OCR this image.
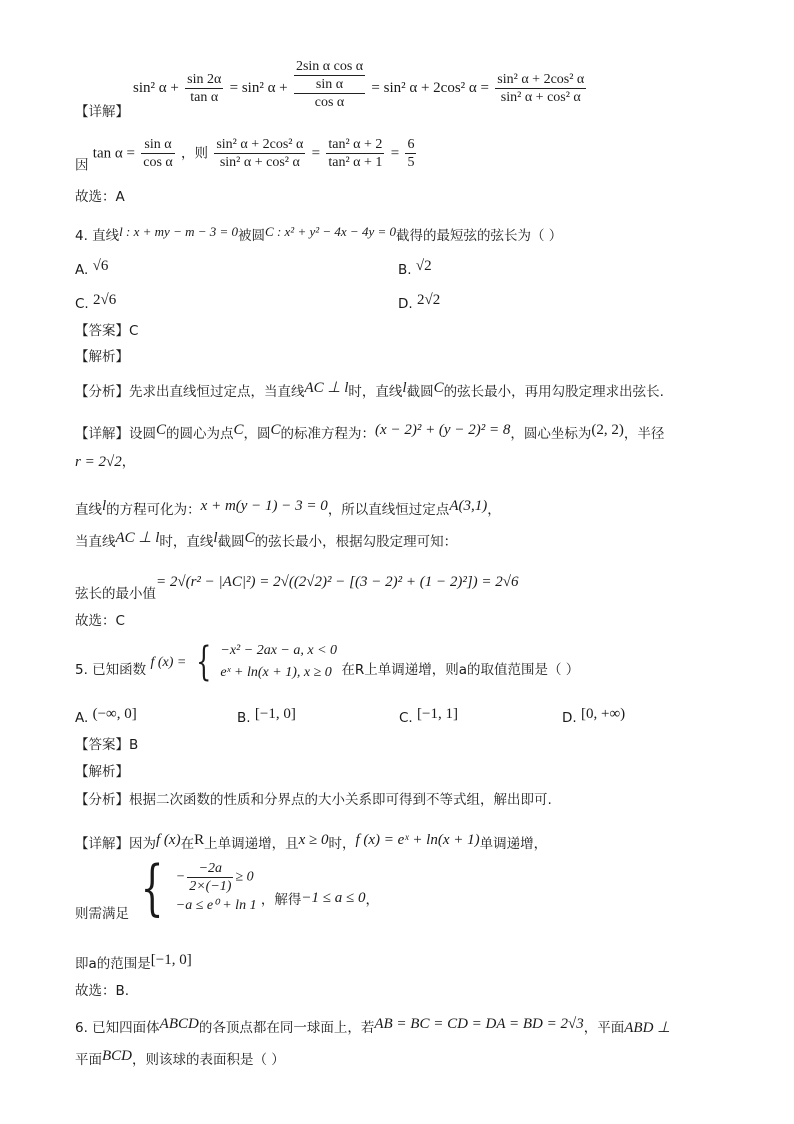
sin² $\alpha + \frac{\sin 2\alpha}{\text{tan α}} = \sin^2$ α +
2sin α cos α
sin α
cos α
= sin² α + 2cos² $\alpha = \frac{\text{sin² α + 2cos² α}}{\text{sin² α + cos² α}}$
【详解】
因 $\tan \alpha = \frac{\text{sin α}}{\text{cos α}}$ ，则 $\frac{\text{sin² α + 2cos² α}}{\text{sin² α + cos² α}} = \frac{\text{tan² α + 2}}{\text{tan² α + 1}} = \frac{6}{5}$
故选：A
4. 直线l : x + my − m − 3 = 0被圆C : x² + y² − 4x − 4y = 0截得的最短弦的弦长为（ ）
A. √6	B. √2
C. 2√6	D. 2√2
【答案】C
【解析】
【分析】先求出直线恒过定点，当直线AC ⊥ l时，直线l截圆C的弦长最小，再用勾股定理求出弦长.
【详解】设圆C的圆心为点C，圆C的标准方程为：(x − 2)² + (y − 2)² = 8，圆心坐标为(2, 2)，半径
r = 2√2，
直线l的方程可化为：x + m(y − 1) − 3 = 0，所以直线恒过定点A(3,1)，
当直线AC ⊥ l时，直线l截圆C的弦长最小，根据勾股定理可知：
弦长的最小值= 2√(r² − |AC|²) = 2√((2√2)² − [(3 − 2)² + (1 − 2)²]) = 2√6
故选：C
5. 已知函数 f (x) = { −x² − 2ax − a, x < 0
eˣ + ln(x + 1), x ≥ 0 在R上单调递增，则a的取值范围是（ ）
A. (−∞, 0]	B. [−1, 0]	C. [−1, 1]	D. [0, +∞)
【答案】B
【解析】
【分析】根据二次函数的性质和分界点的大小关系即可得到不等式组，解出即可.
【详解】因为f (x)在R上单调递增，且x ≥ 0时，f (x) = eˣ + ln(x + 1)单调递增，
则需满足 { − $\frac{-2a}{2\times(-1)} \ge 0$
−a ≤ e⁰ + ln 1 ，解得−1 ≤ a ≤ 0，
即a的范围是[−1, 0]
故选：B.
6. 已知四面体ABCD的各顶点都在同一球面上，若AB = BC = CD = DA = BD = 2√3，平面ABD ⊥
平面BCD，则该球的表面积是（ ）
